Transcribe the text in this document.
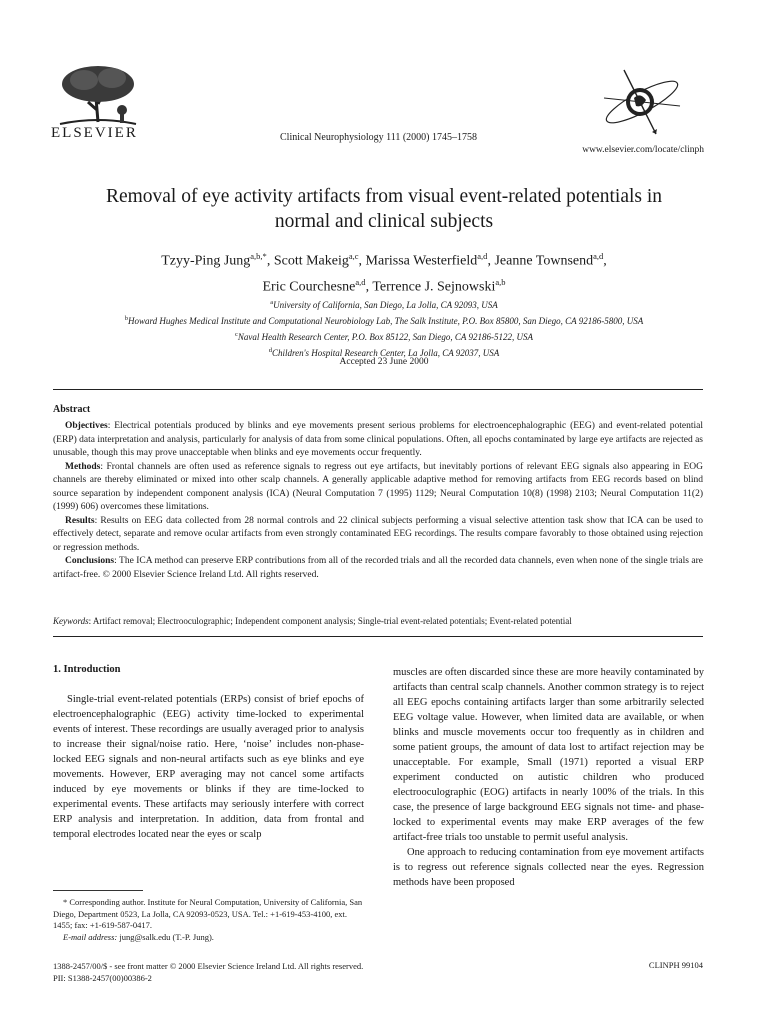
ELSEVIER	Clinical Neurophysiology 111 (2000) 1745–1758
www.elsevier.com/locate/clinph
Removal of eye activity artifacts from visual event-related potentials in
normal and clinical subjects
Tzyy-Ping Jung$^{a,b,*}$, Scott Makeig$^{a,c}$, Marissa Westerfield$^{a,d}$, Jeanne Townsend$^{a,d}$,
Eric Courchesne$^{a,d}$, Terrence J. Sejnowski$^{a,b}$
$^a$University of California, San Diego, La Jolla, CA 92093, USA
$^b$Howard Hughes Medical Institute and Computational Neurobiology Lab, The Salk Institute, P.O. Box 85800, San Diego, CA 92186-5800, USA
$^c$Naval Health Research Center, P.O. Box 85122, San Diego, CA 92186-5122, USA
$^d$Children's Hospital Research Center, La Jolla, CA 92037, USA
Accepted 23 June 2000
Abstract

Objectives: Electrical potentials produced by blinks and eye movements present serious problems for electroencephalographic (EEG) and event-related potential (ERP) data interpretation and analysis, particularly for analysis of data from some clinical populations. Often, all epochs contaminated by large eye artifacts are rejected as unusable, though this may prove unacceptable when blinks and eye movements occur frequently.

Methods: Frontal channels are often used as reference signals to regress out eye artifacts, but inevitably portions of relevant EEG signals also appearing in EOG channels are thereby eliminated or mixed into other scalp channels. A generally applicable adaptive method for removing artifacts from EEG records based on blind source separation by independent component analysis (ICA) (Neural Computation 7 (1995) 1129; Neural Computation 10(8) (1998) 2103; Neural Computation 11(2) (1999) 606) overcomes these limitations.

Results: Results on EEG data collected from 28 normal controls and 22 clinical subjects performing a visual selective attention task show that ICA can be used to effectively detect, separate and remove ocular artifacts from even strongly contaminated EEG recordings. The results compare favorably to those obtained using rejection or regression methods.

Conclusions: The ICA method can preserve ERP contributions from all of the recorded trials and all the recorded data channels, even when none of the single trials are artifact-free. © 2000 Elsevier Science Ireland Ltd. All rights reserved.

Keywords: Artifact removal; Electrooculographic; Independent component analysis; Single-trial event-related potentials; Event-related potential
1. Introduction

Single-trial event-related potentials (ERPs) consist of brief epochs of electroencephalographic (EEG) activity time-locked to experimental events of interest. These recordings are usually averaged prior to analysis to increase their signal/noise ratio. Here, ‘noise’ includes non-phase-locked EEG signals and non-neural artifacts such as eye blinks and eye movements. However, ERP averaging may not cancel some artifacts induced by eye movements or blinks if they are time-locked to experimental events. These artifacts may seriously interfere with correct ERP analysis and interpretation. In addition, data from frontal and temporal electrodes located near the eyes or scalp

muscles are often discarded since these are more heavily contaminated by artifacts than central scalp channels. Another common strategy is to reject all EEG epochs containing artifacts larger than some arbitrarily selected EEG voltage value. However, when limited data are available, or when blinks and muscle movements occur too frequently as in children and some patient groups, the amount of data lost to artifact rejection may be unacceptable. For example, Small (1971) reported a visual ERP experiment conducted on autistic children who produced electrooculographic (EOG) artifacts in nearly 100% of the trials. In this case, the presence of large background EEG signals not time- and phase-locked to experimental events may make ERP averages of the few artifact-free trials too unstable to permit useful analysis.

One approach to reducing contamination from eye movement artifacts is to regress out reference signals collected near the eyes. Regression methods have been proposed

* Corresponding author. Institute for Neural Computation, University of California, San Diego, Department 0523, La Jolla, CA 92093-0523, USA. Tel.: +1-619-453-4100, ext. 1455; fax: +1-619-587-0417.

E-mail address: jung@salk.edu (T.-P. Jung).

1388-2457/00/$ - see front matter © 2000 Elsevier Science Ireland Ltd. All rights reserved.
PII: S1388-2457(00)00386-2
CLINPH 99104
